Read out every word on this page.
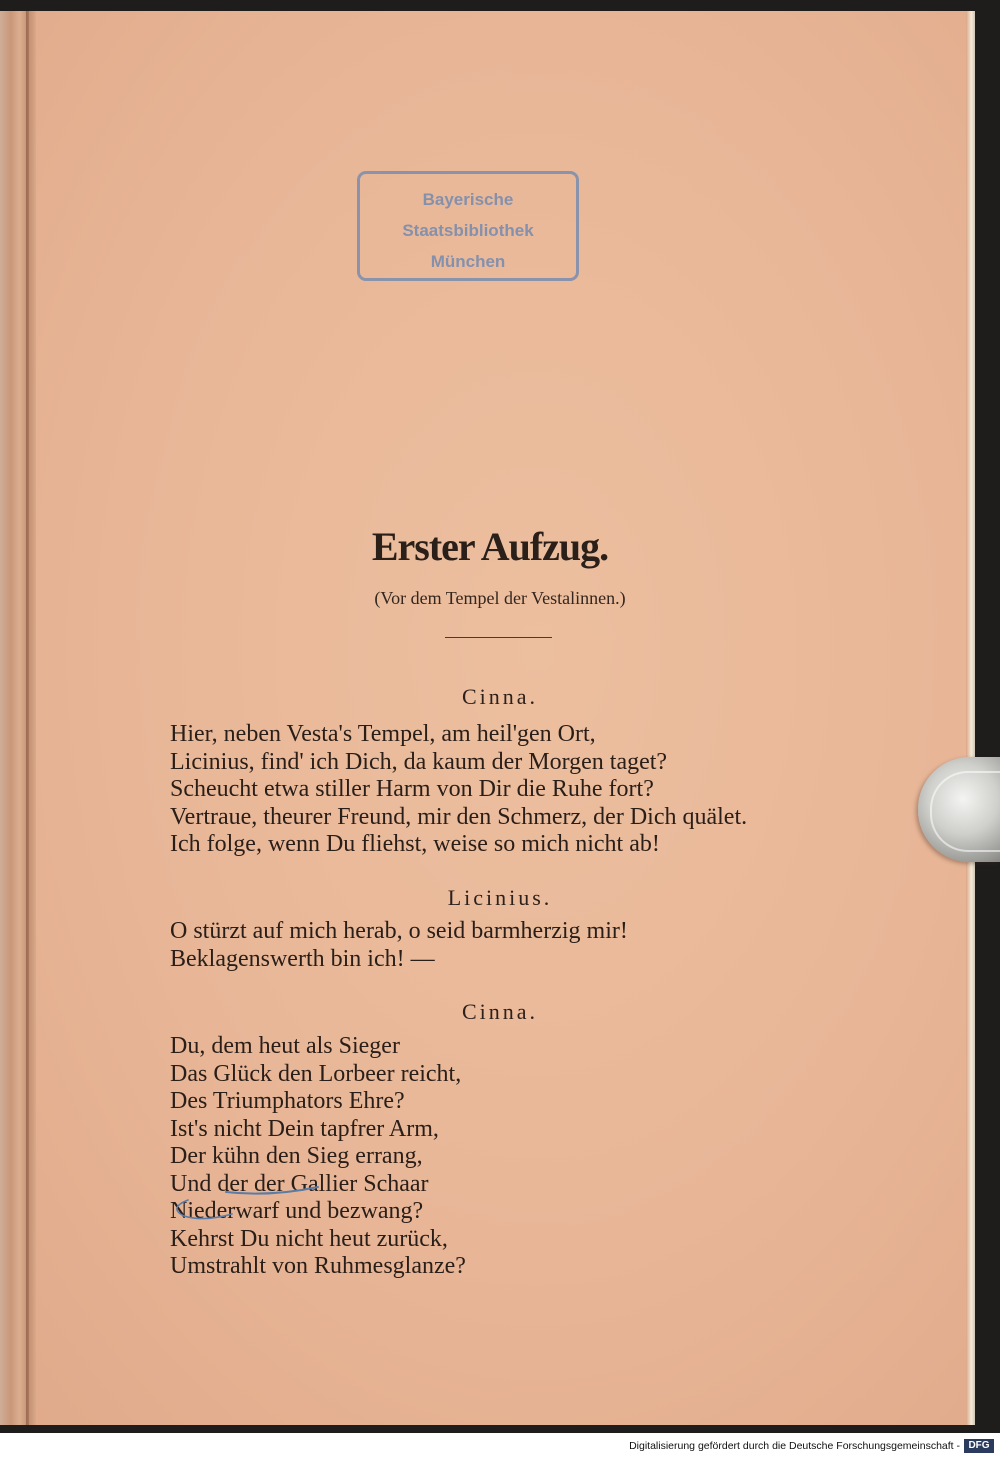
Bayerische
Staatsbibliothek
München
Erster Aufzug.
(Vor dem Tempel der Vestalinnen.)
Cinna.
Hier, neben Vesta's Tempel, am heil'gen Ort,
Licinius, find' ich Dich, da kaum der Morgen taget?
Scheucht etwa stiller Harm von Dir die Ruhe fort?
Vertraue, theurer Freund, mir den Schmerz, der Dich quälet.
Ich folge, wenn Du fliehst, weise so mich nicht ab!
Licinius.
O stürzt auf mich herab, o seid barmherzig mir!
Beklagenswerth bin ich! —
Cinna.
Du, dem heut als Sieger
Das Glück den Lorbeer reicht,
Des Triumphators Ehre?
Ist's nicht Dein tapfrer Arm,
Der kühn den Sieg errang,
Und der der Gallier Schaar
Niederwarf und bezwang?
Kehrst Du nicht heut zurück,
Umstrahlt von Ruhmesglanze?
Digitalisierung gefördert durch die Deutsche Forschungsgemeinschaft - DFG
